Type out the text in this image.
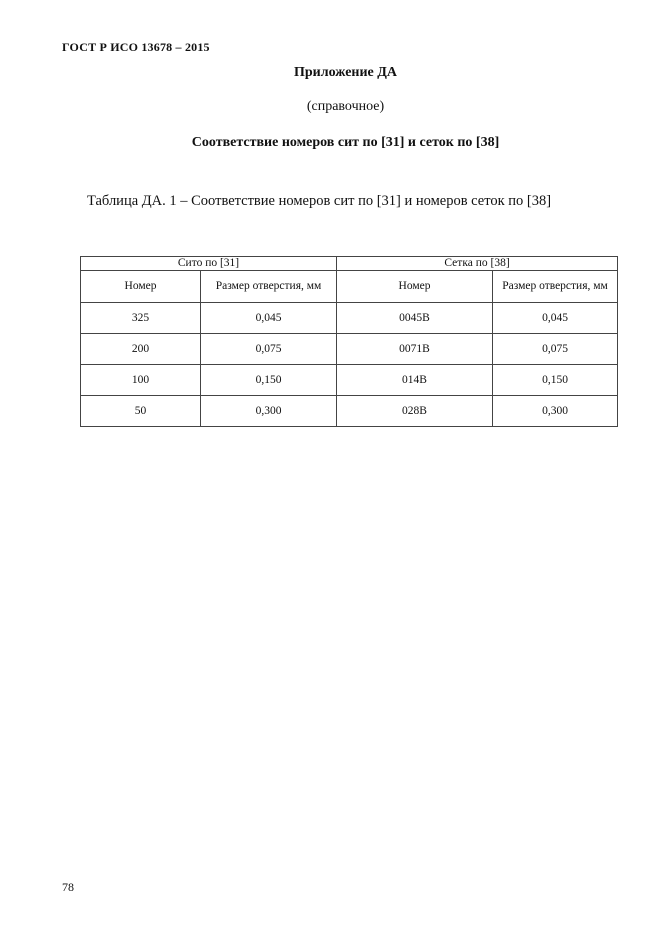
ГОСТ Р ИСО 13678 – 2015
Приложение ДА
(справочное)
Соответствие номеров сит по [31] и сеток по [38]
Таблица ДА. 1 – Соответствие номеров сит по [31] и номеров сеток по [38]
Сито по [31]		Сетка по [38]	
Номер	Размер отверстия, мм	Номер	Размер отверстия, мм
325	0,045	0045B	0,045
200	0,075	0071B	0,075
100	0,150	014B	0,150
50	0,300	028B	0,300
78
